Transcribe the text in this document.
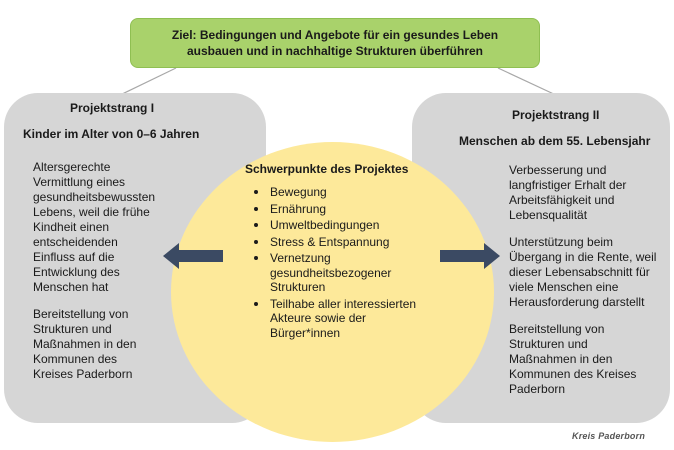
Ziel: Bedingungen und Angebote für ein gesundes Leben
ausbauen und in nachhaltige Strukturen überführen
Projektstrang I
Kinder im Alter von 0–6 Jahren

Altersgerechte
Vermittlung eines
gesundheitsbewussten
Lebens, weil die frühe
Kindheit einen
entscheidenden
Einfluss auf die
Entwicklung des
Menschen hat

Bereitstellung von
Strukturen und
Maßnahmen in den
Kommunen des
Kreises Paderborn

Projektstrang II
Menschen ab dem 55. Lebensjahr

Verbesserung und
langfristiger Erhalt der
Arbeitsfähigkeit und
Lebensqualität

Unterstützung beim
Übergang in die Rente, weil
dieser Lebensabschnitt für
viele Menschen eine
Herausforderung darstellt

Bereitstellung von
Strukturen und
Maßnahmen in den
Kommunen des Kreises
Paderborn

Schwerpunkte des Projektes
Bewegung
Ernährung
Umweltbedingungen
Stress & Entspannung
Vernetzung
gesundheitsbezogener
Strukturen
Teilhabe aller interessierten
Akteure sowie der
Bürger*innen
Kreis Paderborn
